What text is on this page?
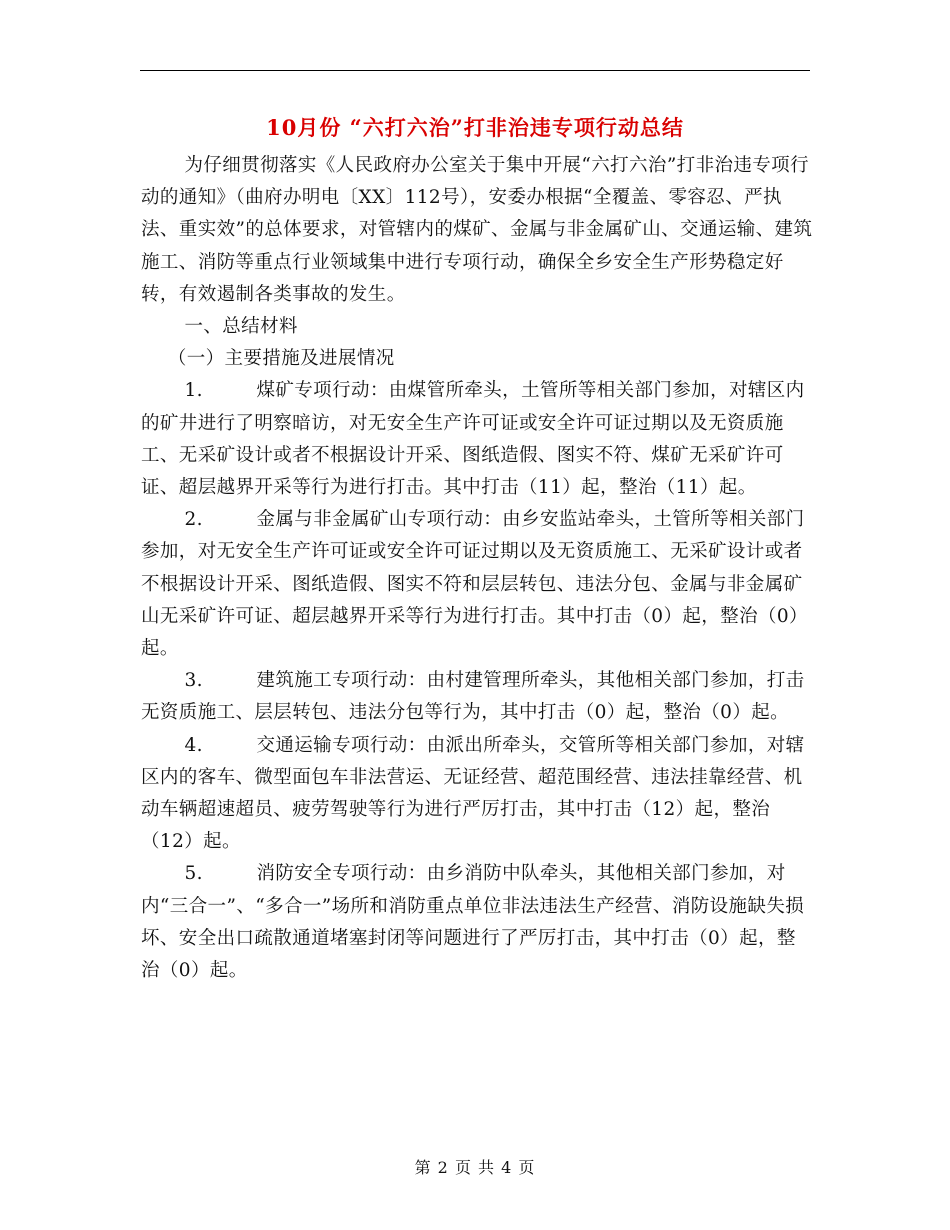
10月份 “六打六治”打非治违专项行动总结

为仔细贯彻落实《人民政府办公室关于集中开展“六打六治”打非治违专项行动的通知》（曲府办明电〔XX〕112号），安委办根据“全覆盖、零容忍、严执法、重实效”的总体要求，对管辖内的煤矿、金属与非金属矿山、交通运输、建筑施工、消防等重点行业领域集中进行专项行动，确保全乡安全生产形势稳定好转，有效遏制各类事故的发生。

一、总结材料

（一）主要措施及进展情况

1.	煤矿专项行动：由煤管所牵头，土管所等相关部门参加，对辖区内的矿井进行了明察暗访，对无安全生产许可证或安全许可证过期以及无资质施工、无采矿设计或者不根据设计开采、图纸造假、图实不符、煤矿无采矿许可证、超层越界开采等行为进行打击。其中打击（11）起，整治（11）起。

2.	金属与非金属矿山专项行动：由乡安监站牵头，土管所等相关部门参加，对无安全生产许可证或安全许可证过期以及无资质施工、无采矿设计或者不根据设计开采、图纸造假、图实不符和层层转包、违法分包、金属与非金属矿山无采矿许可证、超层越界开采等行为进行打击。其中打击（0）起，整治（0）起。

3.	建筑施工专项行动：由村建管理所牵头，其他相关部门参加，打击无资质施工、层层转包、违法分包等行为，其中打击（0）起，整治（0）起。

4.	交通运输专项行动：由派出所牵头，交管所等相关部门参加，对辖区内的客车、微型面包车非法营运、无证经营、超范围经营、违法挂靠经营、机动车辆超速超员、疲劳驾驶等行为进行严厉打击，其中打击（12）起，整治（12）起。

5.	消防安全专项行动：由乡消防中队牵头，其他相关部门参加，对内“三合一”、“多合一”场所和消防重点单位非法违法生产经营、消防设施缺失损坏、安全出口疏散通道堵塞封闭等问题进行了严厉打击，其中打击（0）起，整治（0）起。

第 2 页 共 4 页
